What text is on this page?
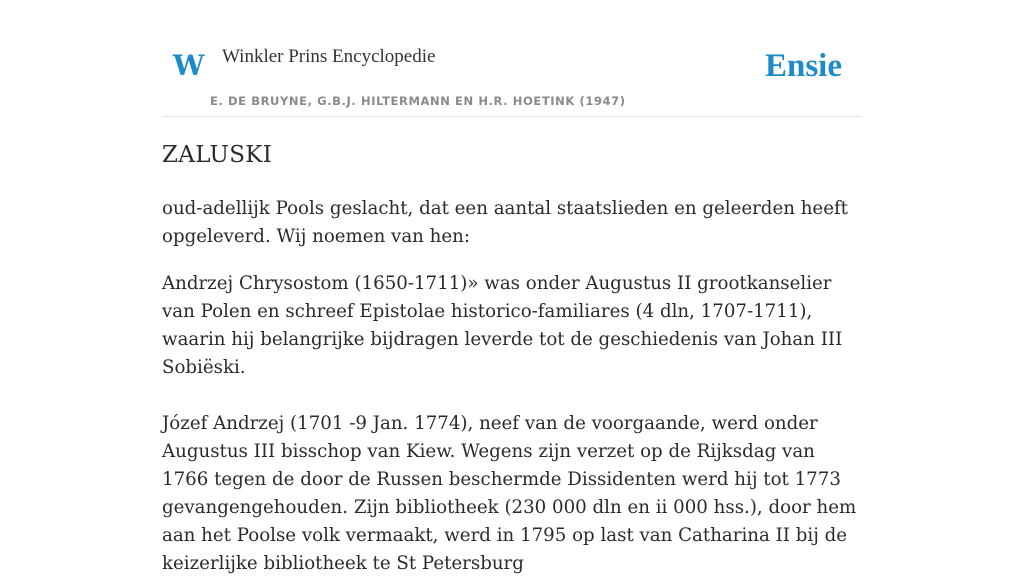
W Winkler Prins Encyclopedie
E. DE BRUYNE, G.B.J. HILTERMANN EN H.R. HOETINK (1947)
Ensie
ZALUSKI

oud-adellijk Pools geslacht, dat een aantal staatslieden en geleerden heeft opgeleverd. Wij noemen van hen:

Andrzej Chrysostom (1650-1711)» was onder Augustus II grootkanselier van Polen en schreef Epistolae historico-familiares (4 dln, 1707-1711), waarin hij belangrijke bijdragen leverde tot de geschiedenis van Johan III Sobiëski.

Józef Andrzej (1701 -9 Jan. 1774), neef van de voorgaande, werd onder Augustus III bisschop van Kiew. Wegens zijn verzet op de Rijksdag van 1766 tegen de door de Russen beschermde Dissidenten werd hij tot 1773 gevangengehouden. Zijn bibliotheek (230 000 dln en ii 000 hss.), door hem aan het Poolse volk vermaakt, werd in 1795 op last van Catharina II bij de keizerlijke bibliotheek te St Petersburg
